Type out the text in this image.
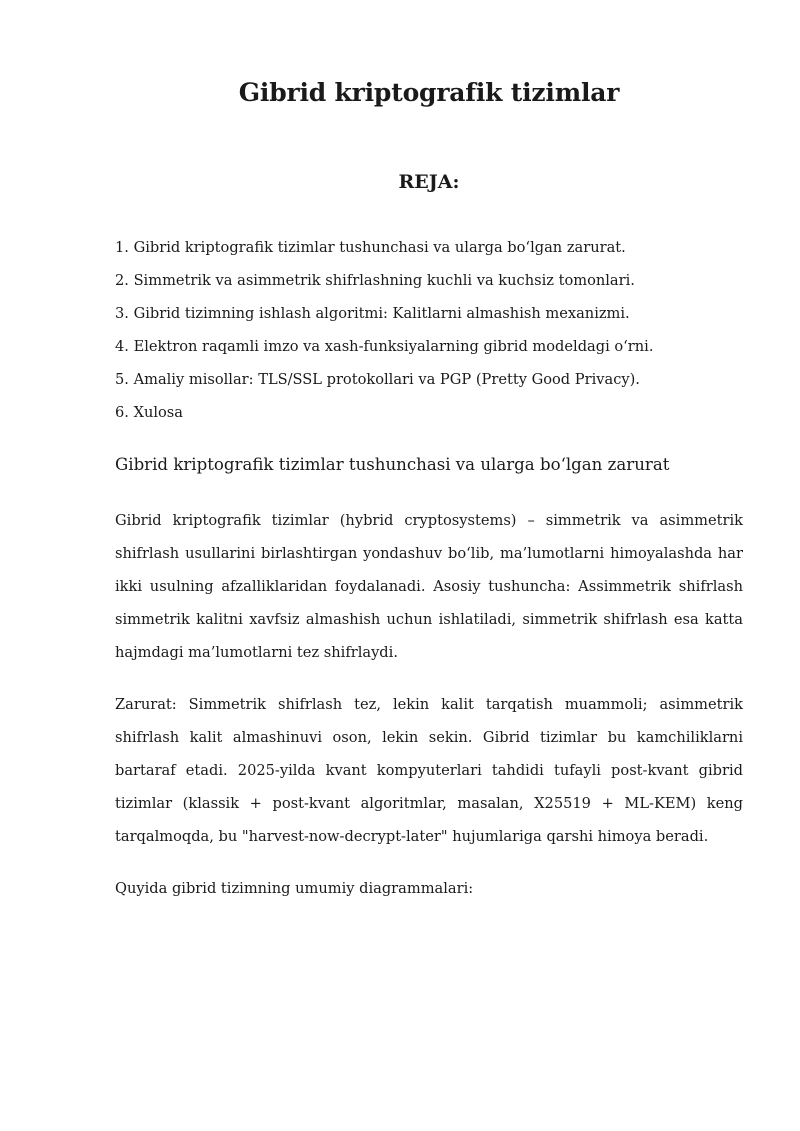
Gibrid kriptografik tizimlar
REJA:
1. Gibrid kriptografik tizimlar tushunchasi va ularga bo‘lgan zarurat.
2. Simmetrik va asimmetrik shifrlashning kuchli va kuchsiz tomonlari.
3. Gibrid tizimning ishlash algoritmi: Kalitlarni almashish mexanizmi.
4. Elektron raqamli imzo va xash-funksiyalarning gibrid modeldagi o‘rni.
5. Amaliy misollar: TLS/SSL protokollari va PGP (Pretty Good Privacy).
6. Xulosa
Gibrid kriptografik tizimlar tushunchasi va ularga bo‘lgan zarurat

Gibrid kriptografik tizimlar (hybrid cryptosystems) – simmetrik va asimmetrik shifrlash usullarini birlashtirgan yondashuv bo‘lib, ma’lumotlarni himoyalashda har ikki usulning afzalliklaridan foydalanadi. Asosiy tushuncha: Assimmetrik shifrlash simmetrik kalitni xavfsiz almashish uchun ishlatiladi, simmetrik shifrlash esa katta hajmdagi ma’lumotlarni tez shifrlaydi.

Zarurat: Simmetrik shifrlash tez, lekin kalit tarqatish muammoli; asimmetrik shifrlash kalit almashinuvi oson, lekin sekin. Gibrid tizimlar bu kamchiliklarni bartaraf etadi. 2025-yilda kvant kompyuterlari tahdidi tufayli post-kvant gibrid tizimlar (klassik + post-kvant algoritmlar, masalan, X25519 + ML-KEM) keng tarqalmoqda, bu "harvest-now-decrypt-later" hujumlariga qarshi himoya beradi.

Quyida gibrid tizimning umumiy diagrammalari:
